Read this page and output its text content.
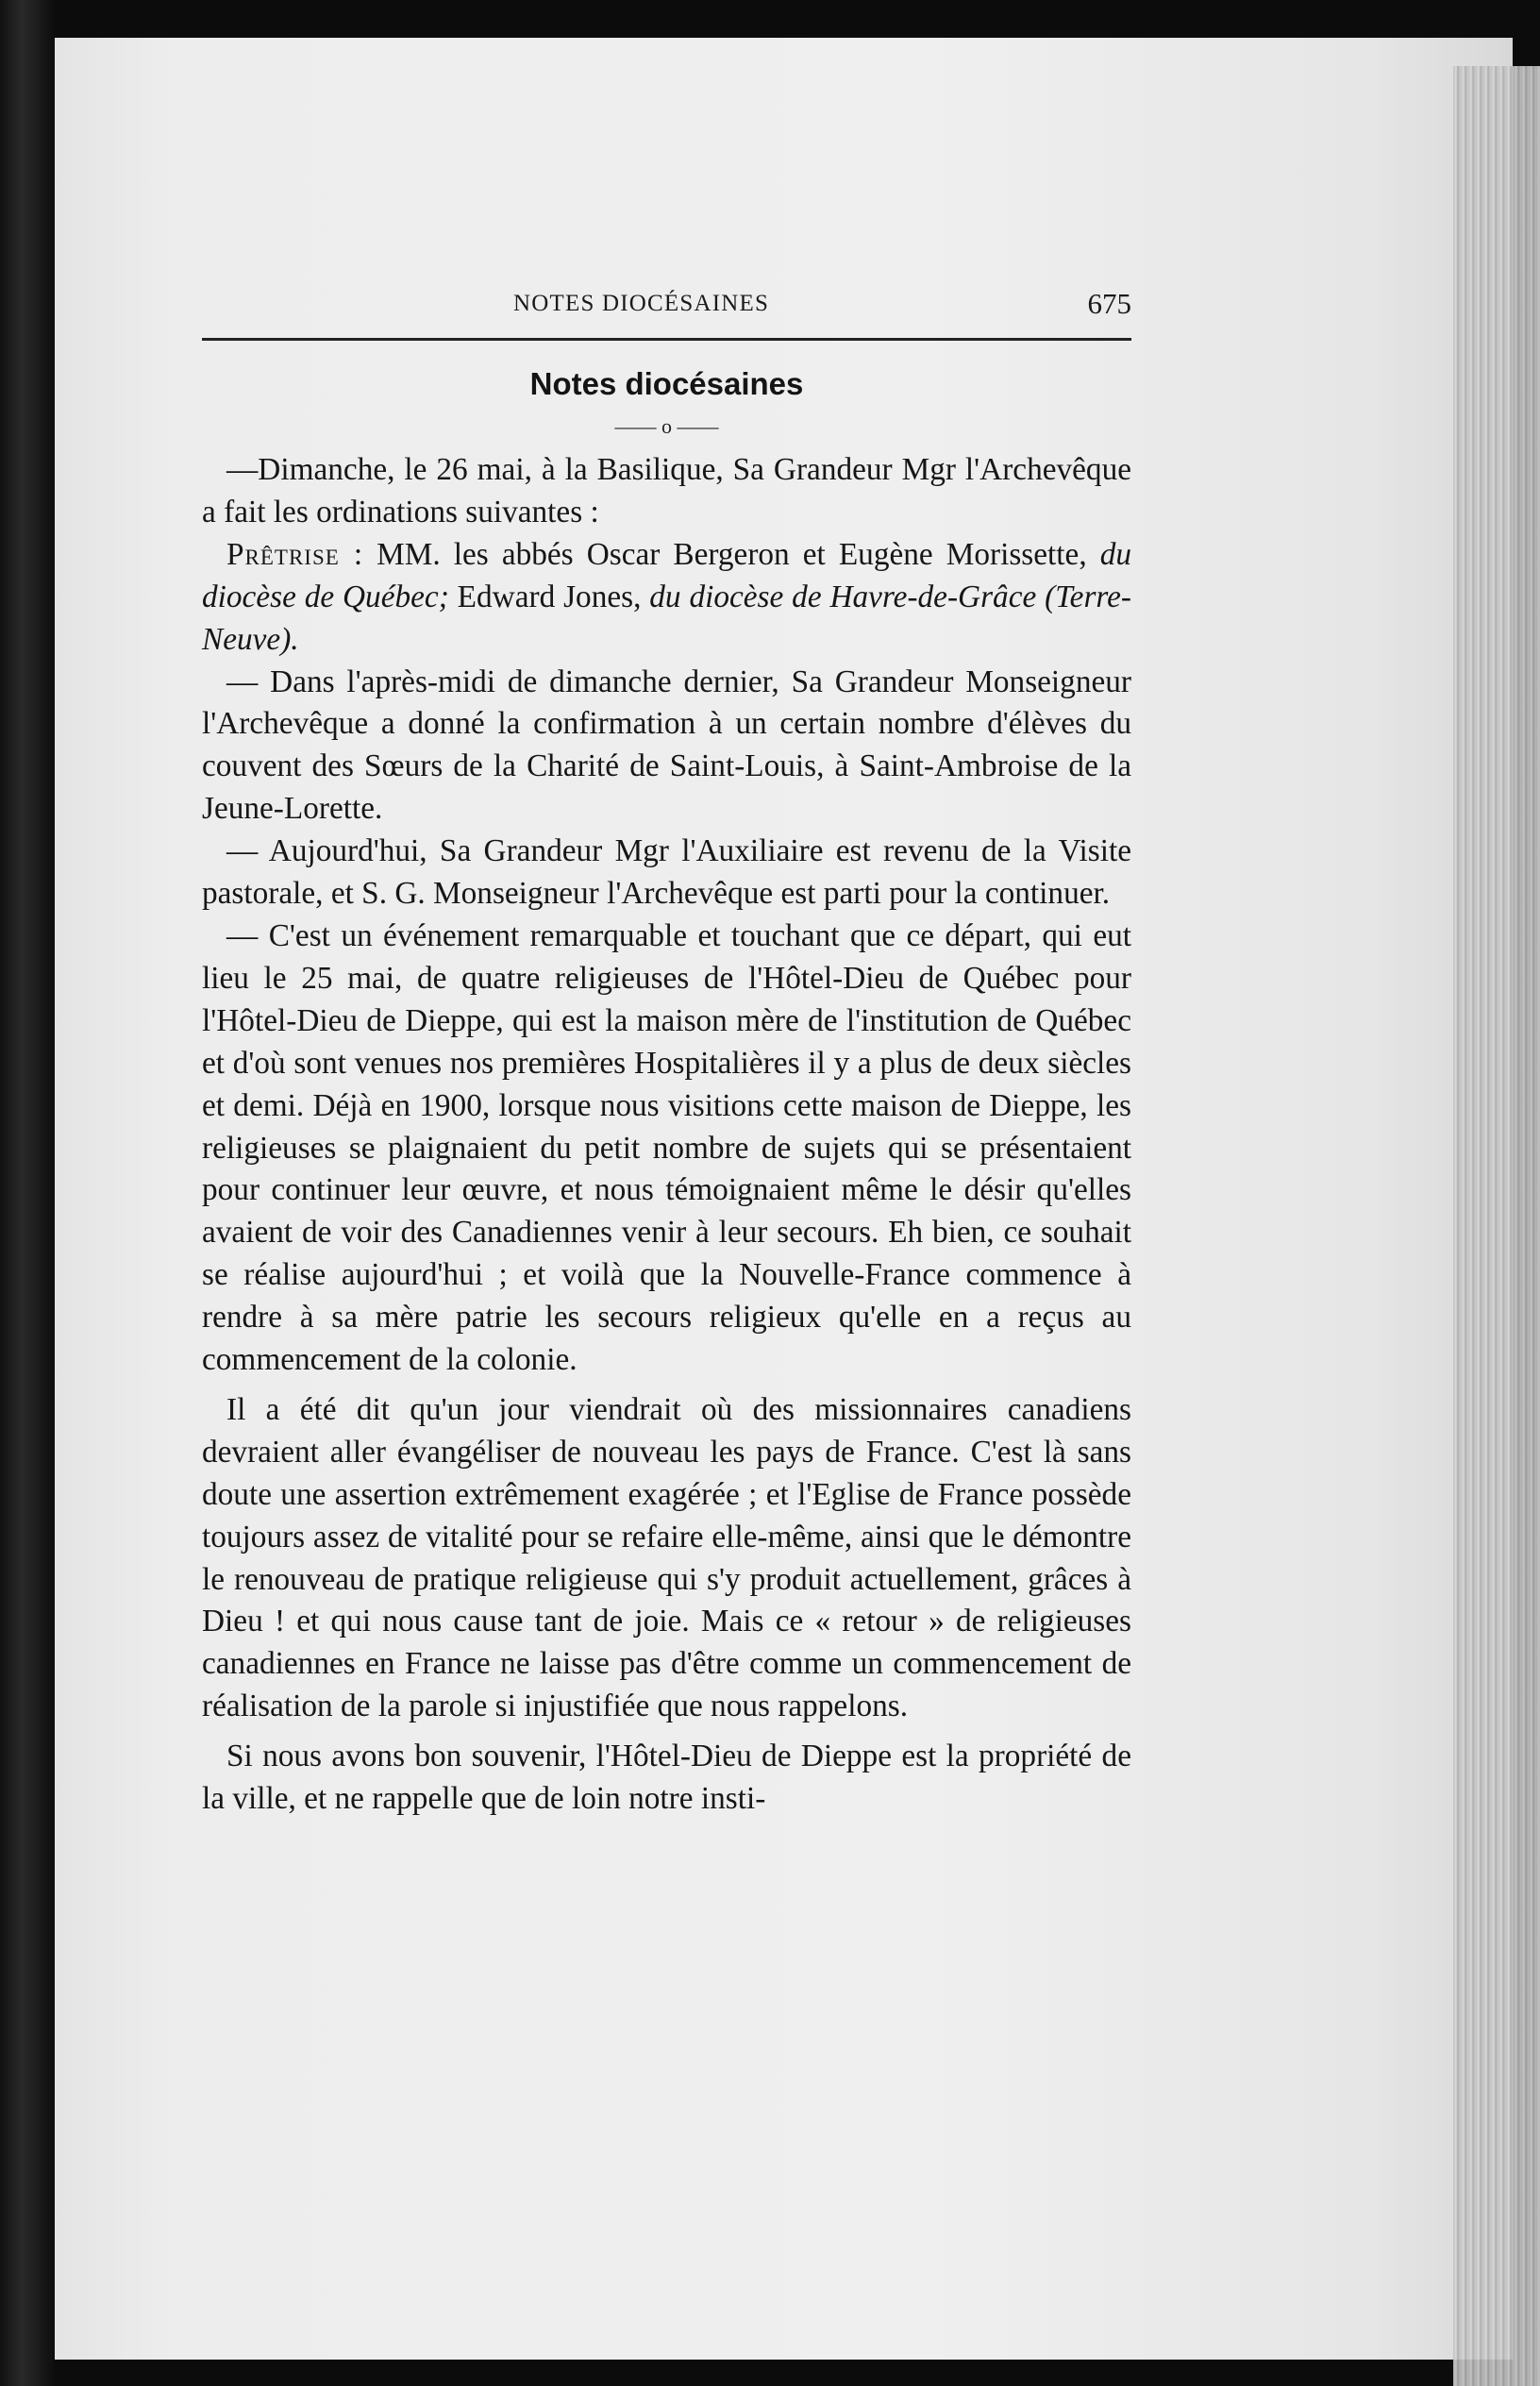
NOTES DIOCÉSAINES	675
Notes diocésaines
—— o ——

—Dimanche, le 26 mai, à la Basilique, Sa Grandeur Mgr l'Archevêque a fait les ordinations suivantes :

Prêtrise : MM. les abbés Oscar Bergeron et Eugène Morissette, du diocèse de Québec; Edward Jones, du diocèse de Havre-de-Grâce (Terre-Neuve).

— Dans l'après-midi de dimanche dernier, Sa Grandeur Monseigneur l'Archevêque a donné la confirmation à un certain nombre d'élèves du couvent des Sœurs de la Charité de Saint-Louis, à Saint-Ambroise de la Jeune-Lorette.

— Aujourd'hui, Sa Grandeur Mgr l'Auxiliaire est revenu de la Visite pastorale, et S. G. Monseigneur l'Archevêque est parti pour la continuer.

— C'est un événement remarquable et touchant que ce départ, qui eut lieu le 25 mai, de quatre religieuses de l'Hôtel-Dieu de Québec pour l'Hôtel-Dieu de Dieppe, qui est la maison mère de l'institution de Québec et d'où sont venues nos premières Hospitalières il y a plus de deux siècles et demi. Déjà en 1900, lorsque nous visitions cette maison de Dieppe, les religieuses se plaignaient du petit nombre de sujets qui se présentaient pour continuer leur œuvre, et nous témoignaient même le désir qu'elles avaient de voir des Canadiennes venir à leur secours. Eh bien, ce souhait se réalise aujourd'hui ; et voilà que la Nouvelle-France commence à rendre à sa mère patrie les secours religieux qu'elle en a reçus au commencement de la colonie.

Il a été dit qu'un jour viendrait où des missionnaires canadiens devraient aller évangéliser de nouveau les pays de France. C'est là sans doute une assertion extrêmement exagérée ; et l'Eglise de France possède toujours assez de vitalité pour se refaire elle-même, ainsi que le démontre le renouveau de pratique religieuse qui s'y produit actuellement, grâces à Dieu ! et qui nous cause tant de joie. Mais ce « retour » de religieuses canadiennes en France ne laisse pas d'être comme un commencement de réalisation de la parole si injustifiée que nous rappelons.

Si nous avons bon souvenir, l'Hôtel-Dieu de Dieppe est la propriété de la ville, et ne rappelle que de loin notre insti-
